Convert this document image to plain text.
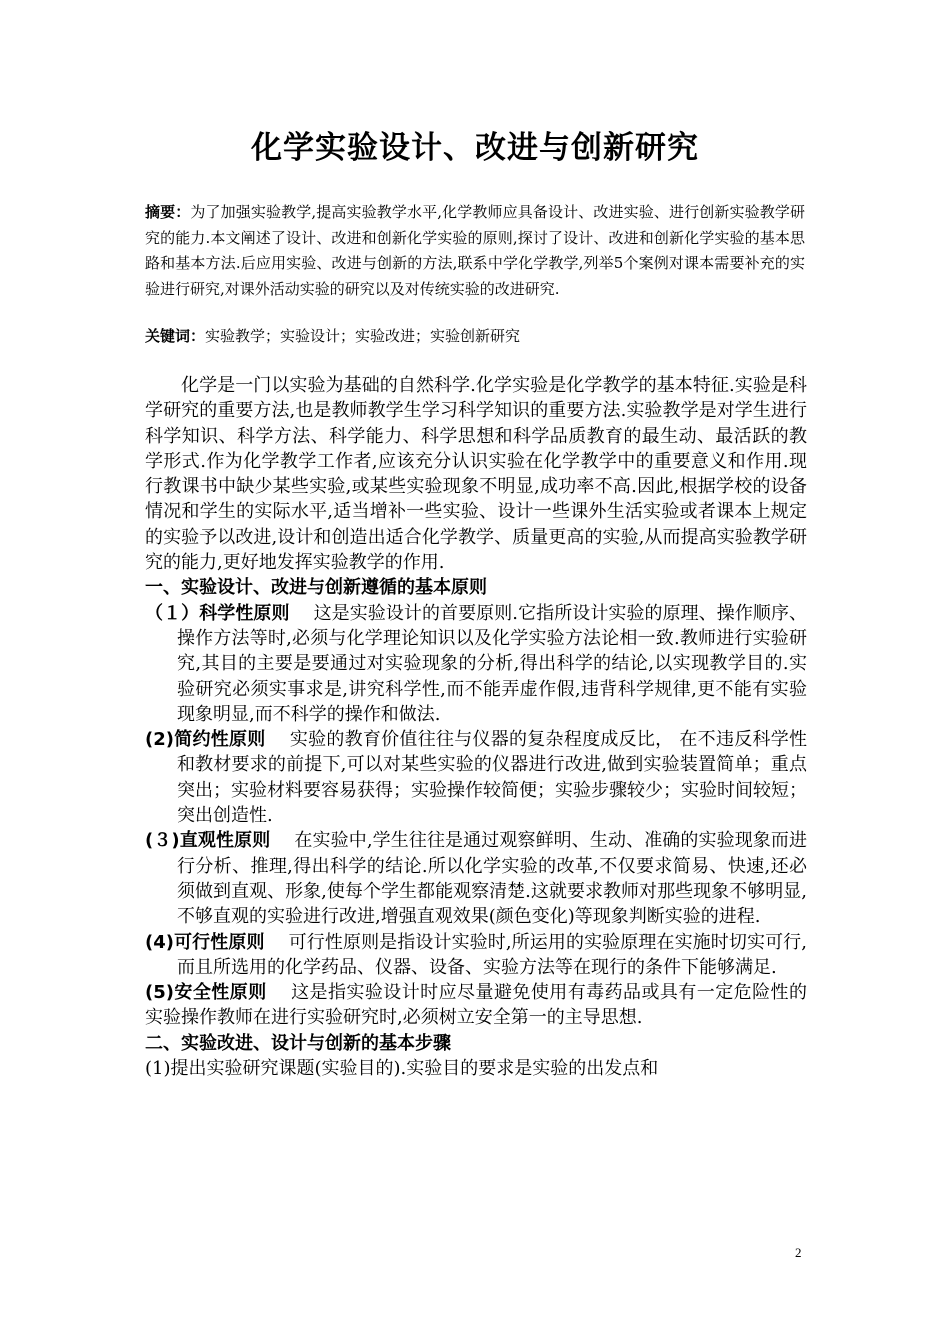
化学实验设计、改进与创新研究

摘要：为了加强实验教学,提高实验教学水平,化学教师应具备设计、改进实验、进行创新实验教学研究的能力.本文阐述了设计、改进和创新化学实验的原则,探讨了设计、改进和创新化学实验的基本思路和基本方法.后应用实验、改进与创新的方法,联系中学化学教学,列举5个案例对课本需要补充的实验进行研究,对课外活动实验的研究以及对传统实验的改进研究.

关键词：实验教学；实验设计；实验改进；实验创新研究

化学是一门以实验为基础的自然科学.化学实验是化学教学的基本特征.实验是科学研究的重要方法,也是教师教学生学习科学知识的重要方法.实验教学是对学生进行科学知识、科学方法、科学能力、科学思想和科学品质教育的最生动、最活跃的教学形式.作为化学教学工作者,应该充分认识实验在化学教学中的重要意义和作用.现行教课书中缺少某些实验,或某些实验现象不明显,成功率不高.因此,根据学校的设备情况和学生的实际水平,适当增补一些实验、设计一些课外生活实验或者课本上规定的实验予以改进,设计和创造出适合化学教学、质量更高的实验,从而提高实验教学研究的能力,更好地发挥实验教学的作用.

一、实验设计、改进与创新遵循的基本原则

（１）科学性原则 这是实验设计的首要原则.它指所设计实验的原理、操作顺序、操作方法等时,必须与化学理论知识以及化学实验方法论相一致.教师进行实验研究,其目的主要是要通过对实验现象的分析,得出科学的结论,以实现教学目的.实验研究必须实事求是,讲究科学性,而不能弄虚作假,违背科学规律,更不能有实验现象明显,而不科学的操作和做法.

(2)简约性原则 实验的教育价值往往与仪器的复杂程度成反比， 在不违反科学性和教材要求的前提下,可以对某些实验的仪器进行改进,做到实验装置简单；重点突出；实验材料要容易获得；实验操作较简便；实验步骤较少；实验时间较短；突出创造性.

(３)直观性原则 在实验中,学生往往是通过观察鲜明、生动、准确的实验现象而进行分析、推理,得出科学的结论.所以化学实验的改革,不仅要求简易、快速,还必须做到直观、形象,使每个学生都能观察清楚.这就要求教师对那些现象不够明显,不够直观的实验进行改进,增强直观效果(颜色变化)等现象判断实验的进程.

(4)可行性原则 可行性原则是指设计实验时,所运用的实验原理在实施时切实可行,而且所选用的化学药品、仪器、设备、实验方法等在现行的条件下能够满足.

(5)安全性原则 这是指实验设计时应尽量避免使用有毒药品或具有一定危险性的实验操作教师在进行实验研究时,必须树立安全第一的主导思想.

二、实验改进、设计与创新的基本步骤

(1)提出实验研究课题(实验目的).实验目的要求是实验的出发点和

2
